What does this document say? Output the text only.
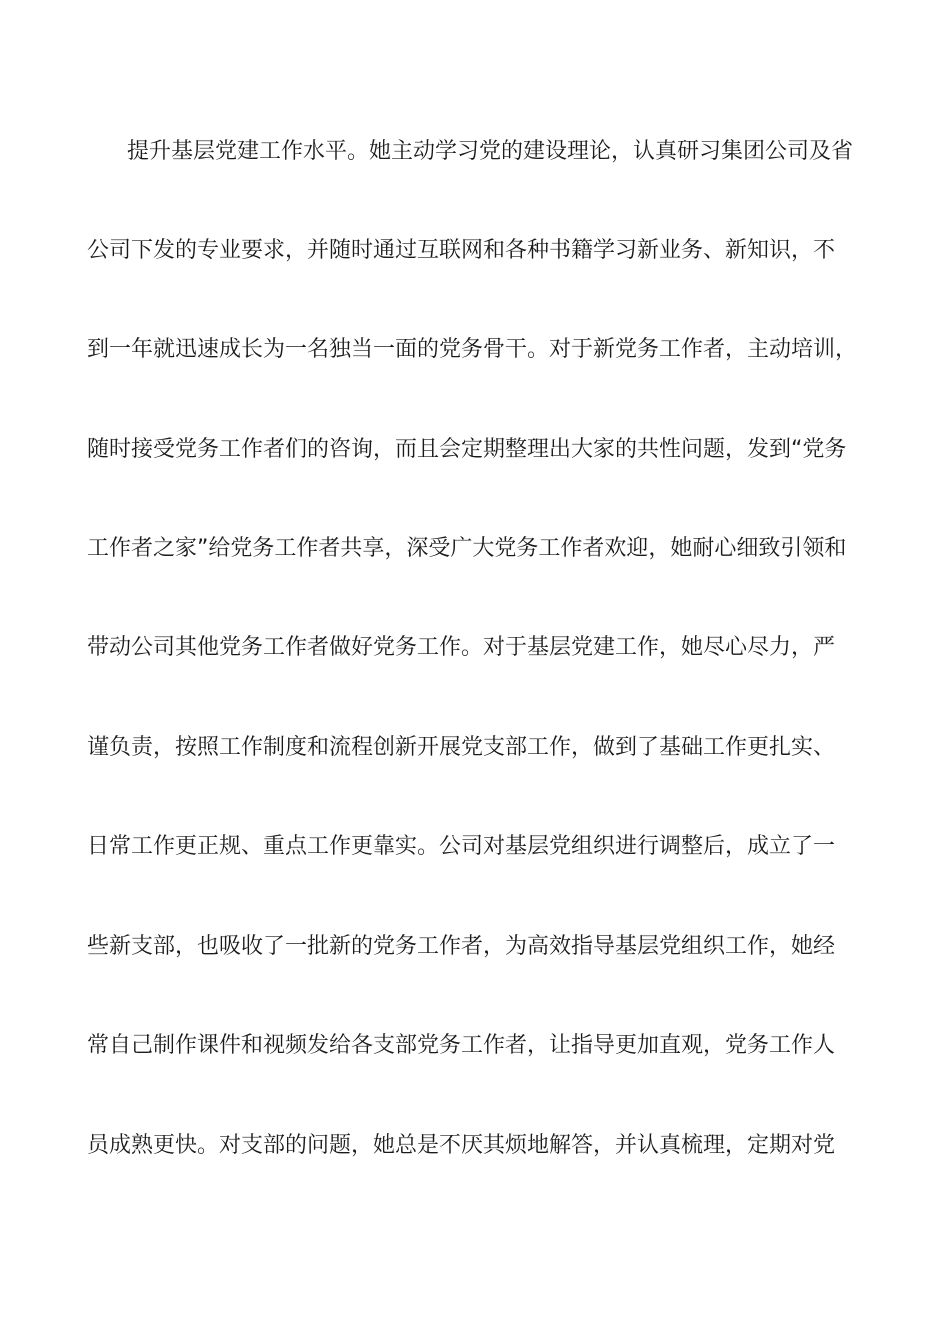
提升基层党建工作水平。她主动学习党的建设理论，认真研习集团公司及省
公司下发的专业要求，并随时通过互联网和各种书籍学习新业务、新知识，不
到一年就迅速成长为一名独当一面的党务骨干。对于新党务工作者，主动培训，
随时接受党务工作者们的咨询，而且会定期整理出大家的共性问题，发到“党务
工作者之家”给党务工作者共享，深受广大党务工作者欢迎，她耐心细致引领和
带动公司其他党务工作者做好党务工作。对于基层党建工作，她尽心尽力，严
谨负责，按照工作制度和流程创新开展党支部工作，做到了基础工作更扎实、
日常工作更正规、重点工作更靠实。公司对基层党组织进行调整后，成立了一
些新支部，也吸收了一批新的党务工作者，为高效指导基层党组织工作，她经
常自己制作课件和视频发给各支部党务工作者，让指导更加直观，党务工作人
员成熟更快。对支部的问题，她总是不厌其烦地解答，并认真梳理，定期对党
